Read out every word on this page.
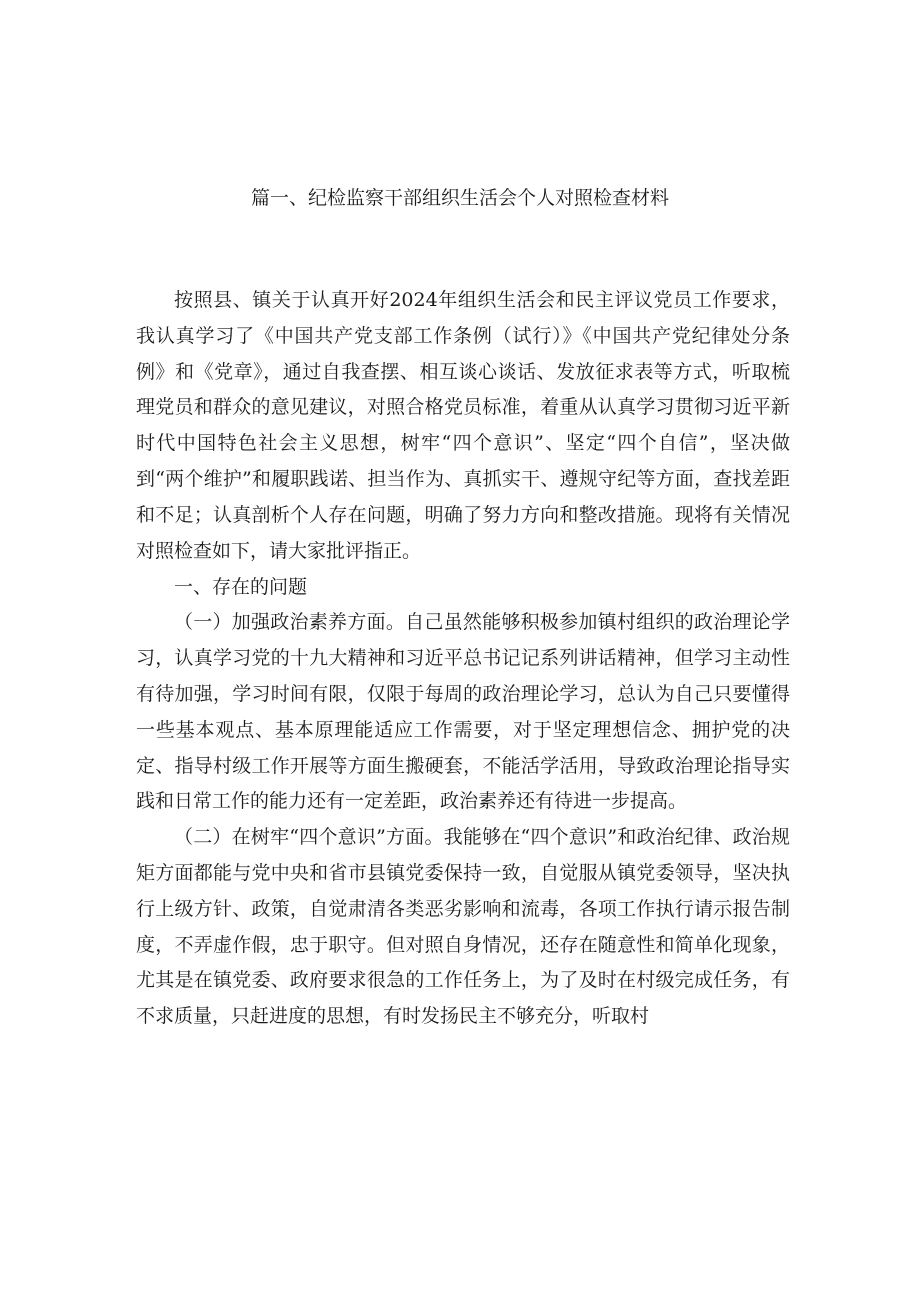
篇一、纪检监察干部组织生活会个人对照检查材料

按照县、镇关于认真开好2024年组织生活会和民主评议党员工作要求，我认真学习了《中国共产党支部工作条例（试行）》《中国共产党纪律处分条例》和《党章》，通过自我查摆、相互谈心谈话、发放征求表等方式，听取梳理党员和群众的意见建议，对照合格党员标准，着重从认真学习贯彻习近平新时代中国特色社会主义思想，树牢“四个意识”、坚定“四个自信”，坚决做到“两个维护”和履职践诺、担当作为、真抓实干、遵规守纪等方面，查找差距和不足；认真剖析个人存在问题，明确了努力方向和整改措施。现将有关情况对照检查如下，请大家批评指正。

一、存在的问题

（一）加强政治素养方面。自己虽然能够积极参加镇村组织的政治理论学习，认真学习党的十九大精神和习近平总书记记系列讲话精神，但学习主动性有待加强，学习时间有限，仅限于每周的政治理论学习，总认为自己只要懂得一些基本观点、基本原理能适应工作需要，对于坚定理想信念、拥护党的决定、指导村级工作开展等方面生搬硬套，不能活学活用，导致政治理论指导实践和日常工作的能力还有一定差距，政治素养还有待进一步提高。

（二）在树牢“四个意识”方面。我能够在“四个意识”和政治纪律、政治规矩方面都能与党中央和省市县镇党委保持一致，自觉服从镇党委领导，坚决执行上级方针、政策，自觉肃清各类恶劣影响和流毒，各项工作执行请示报告制度，不弄虚作假，忠于职守。但对照自身情况，还存在随意性和简单化现象，尤其是在镇党委、政府要求很急的工作任务上，为了及时在村级完成任务，有不求质量，只赶进度的思想，有时发扬民主不够充分，听取村
